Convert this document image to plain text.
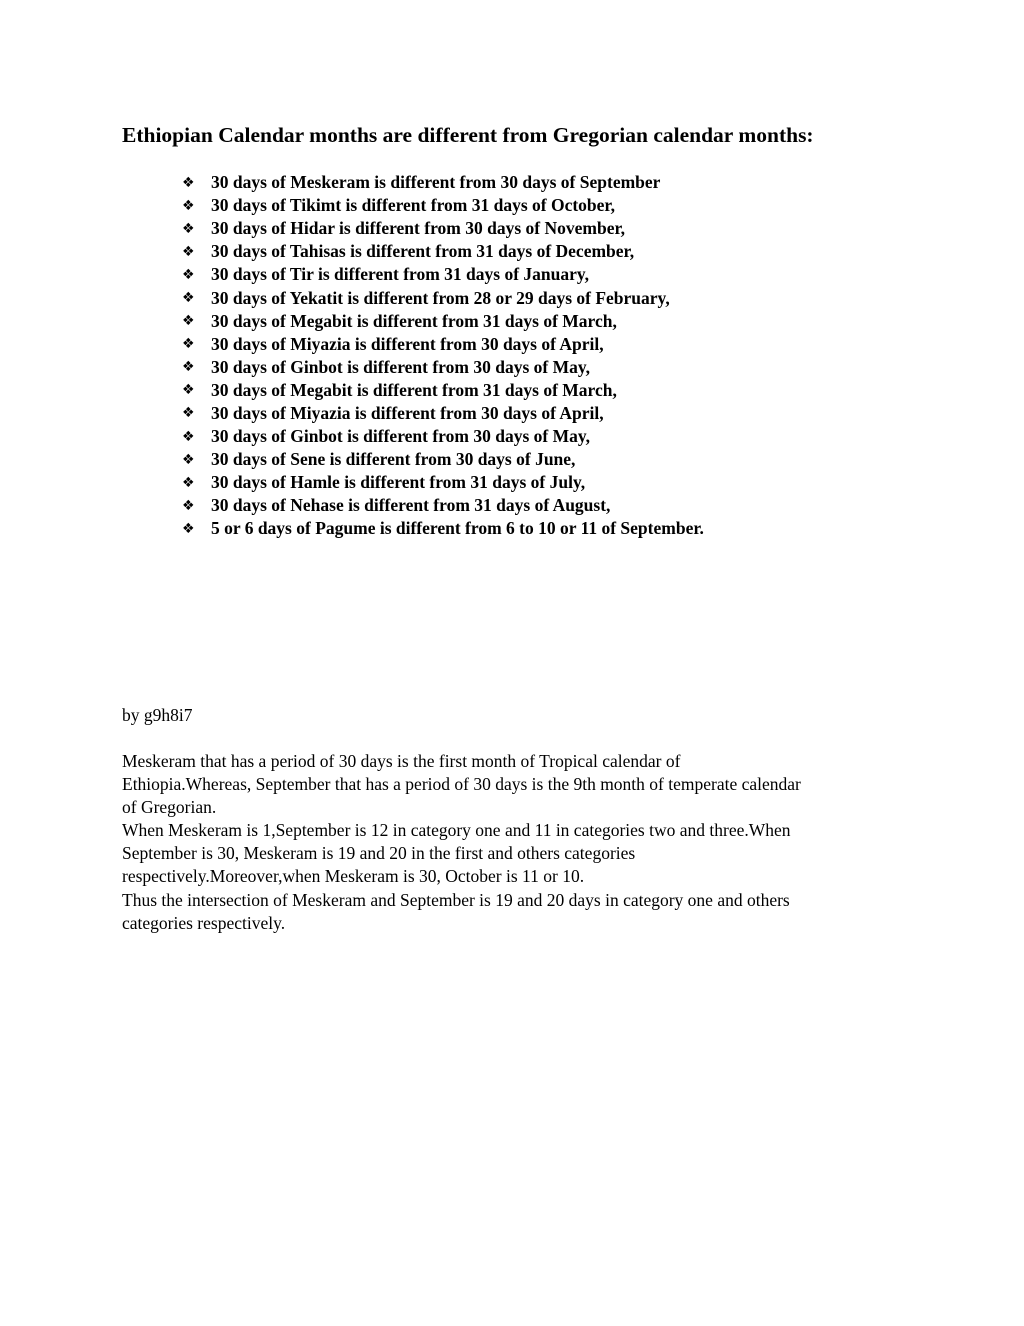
Ethiopian Calendar months are different from Gregorian calendar months:
❖ 30 days of Meskeram is different from 30 days of September
❖ 30 days of Tikimt is different from 31 days of October,
❖ 30 days of Hidar is different from 30 days of November,
❖ 30 days of Tahisas is different from 31 days of December,
❖ 30 days of Tir is different from 31 days of January,
❖ 30 days of Yekatit is different from 28 or 29 days of February,
❖ 30 days of Megabit is different from 31 days of March,
❖ 30 days of Miyazia is different from 30 days of April,
❖ 30 days of Ginbot is different from 30 days of May,
❖ 30 days of Megabit is different from 31 days of March,
❖ 30 days of Miyazia is different from 30 days of April,
❖ 30 days of Ginbot is different from 30 days of May,
❖ 30 days of Sene is different from 30 days of June,
❖ 30 days of Hamle is different from 31 days of July,
❖ 30 days of Nehase is different from 31 days of August,
❖ 5 or 6 days of Pagume is different from 6 to 10 or 11 of September.

by g9h8i7

Meskeram that has a period of 30 days is the first month of Tropical calendar of
Ethiopia.Whereas, September that has a period of 30 days is the 9th month of temperate calendar
of Gregorian.
When Meskeram is 1,September is 12 in category one and 11 in categories two and three.When
September is 30, Meskeram is 19 and 20 in the first and others categories
respectively.Moreover,when Meskeram is 30, October is 11 or 10.
Thus the intersection of Meskeram and September is 19 and 20 days in category one and others
categories respectively.
